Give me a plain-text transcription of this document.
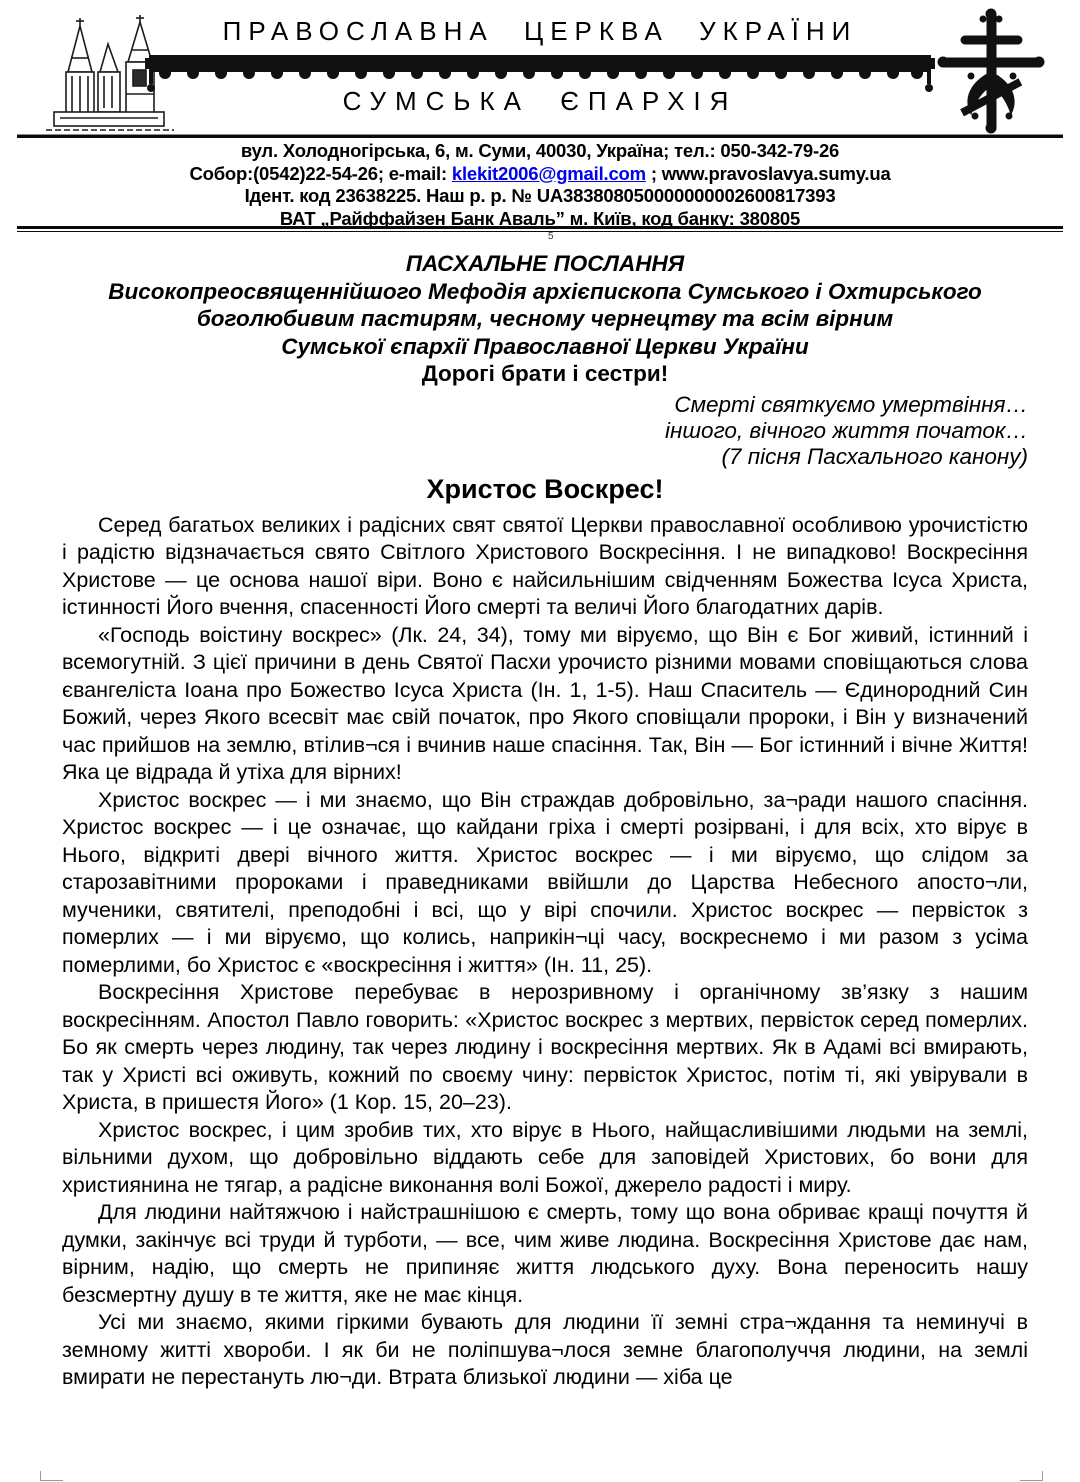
ПРАВОСЛАВНА ЦЕРКВА УКРАЇНИ
СУМСЬКА ЄПАРХІЯ
вул. Холодногірська, 6, м. Суми, 40030, Україна; тел.: 050-342-79-26
Собор:(0542)22-54-26; e-mail: klekit2006@gmail.com ; www.pravoslavya.sumy.ua
Ідент. код 23638225. Наш р. р. № UA383808050000000002600817393
ВАТ „Райффайзен Банк Аваль” м. Київ, код банку: 380805
5
ПАСХАЛЬНЕ ПОСЛАННЯ
Високопреосвященнійшого Мефодія архієпископа Сумського і Охтирського
боголюбивим пастирям, чесному чернецтву та всім вірним
Сумської єпархії Православної Церкви України
Дорогі брати і сестри!
Смерті святкуємо умертвіння…
іншого, вічного життя початок…
(7 пісня Пасхального канону)
Христос Воскрес!

Серед багатьох великих і радісних свят святої Церкви православної особливою урочистістю і радістю відзначається свято Світлого Христового Воскресіння. І не випадково! Воскресіння Христове — це основа нашої віри. Воно є найсильнішим свідченням Божества Ісуса Христа, істинності Його вчення, спасенності Його смерті та величі Його благодатних дарів.

«Господь воістину воскрес» (Лк. 24, 34), тому ми віруємо, що Він є Бог живий, істинний і всемогутній. З цієї причини в день Святої Пасхи урочисто різними мовами сповіщаються слова євангеліста Іоана про Божество Ісуса Христа (Ін. 1, 1-5). Наш Спаситель — Єдинородний Син Божий, через Якого всесвіт має свій початок, про Якого сповіщали пророки, і Він у визначений час прийшов на землю, втілив¬ся і вчинив наше спасіння. Так, Він — Бог істинний і вічне Життя! Яка це відрада й утіха для вірних!

Христос воскрес — і ми знаємо, що Він страждав добровільно, за¬ради нашого спасіння. Христос воскрес — і це означає, що кайдани гріха і смерті розірвані, і для всіх, хто вірує в Нього, відкриті двері вічного життя. Христос воскрес — і ми віруємо, що слідом за старозавітними пророками і праведниками ввійшли до Царства Небесного апосто¬ли, мученики, святителі, преподобні і всі, що у вірі спочили. Христос воскрес — первісток з померлих — і ми віруємо, що колись, наприкін¬ці часу, воскреснемо і ми разом з усіма померлими, бо Христос є «воскресіння і життя» (Ін. 11, 25).

Воскресіння Христове перебуває в нерозривному і органічному зв’язку з нашим воскресінням. Апостол Павло говорить: «Христос воскрес з мертвих, первісток серед померлих. Бо як смерть через людину, так через людину і воскресіння мертвих. Як в Адамі всі вмирають, так у Христі всі оживуть, кожний по своєму чину: первісток Христос, потім ті, які увірували в Христа, в пришестя Його» (1 Кор. 15, 20–23).

Христос воскрес, і цим зробив тих, хто вірує в Нього, найщасливішими людьми на землі, вільними духом, що добровільно віддають себе для заповідей Христових, бо вони для християнина не тягар, а радісне виконання волі Божої, джерело радості і миру.

Для людини найтяжчою і найстрашнішою є смерть, тому що вона обриває кращі почуття й думки, закінчує всі труди й турботи, — все, чим живе людина. Воскресіння Христове дає нам, вірним, надію, що смерть не припиняє життя людського духу. Вона переносить нашу безсмертну душу в те життя, яке не має кінця.

Усі ми знаємо, якими гіркими бувають для людини її земні стра¬ждання та неминучі в земному житті хвороби. І як би не поліпшува¬лося земне благополуччя людини, на землі вмирати не перестануть лю¬ди. Втрата близької людини — хіба це
